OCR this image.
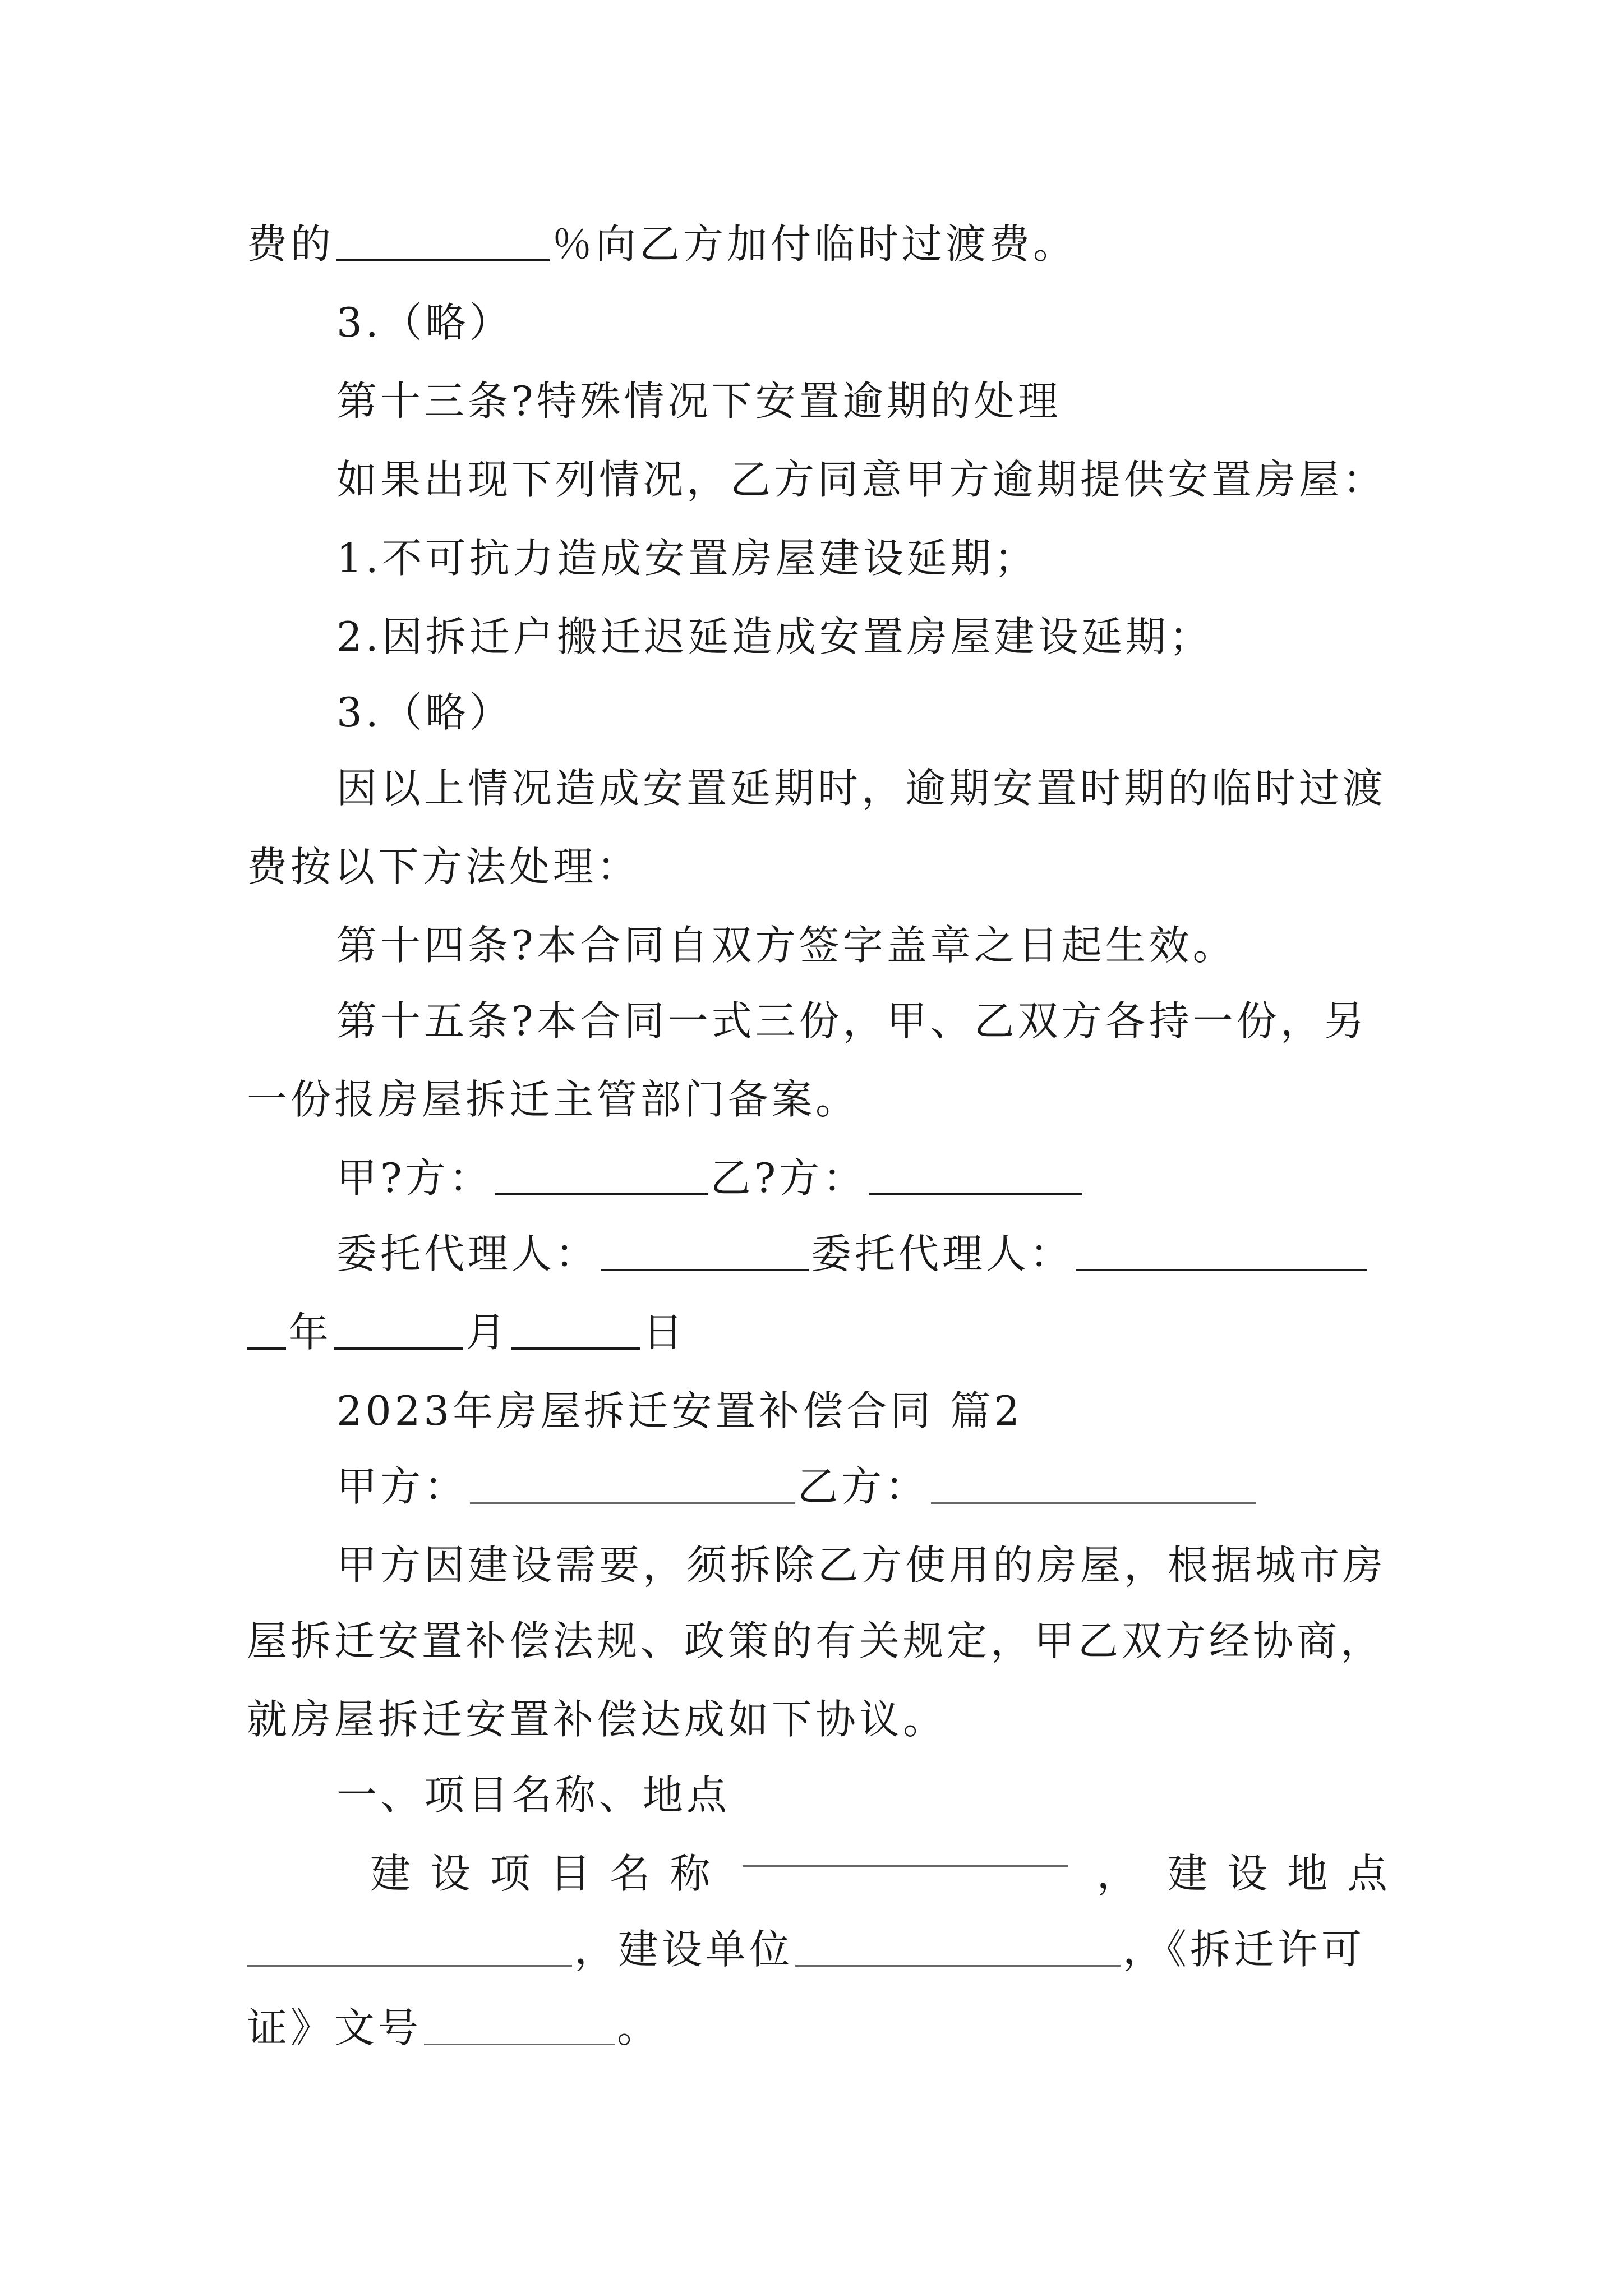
费的	％向乙方加付临时过渡费。
3.（略）
第十三条?特殊情况下安置逾期的处理
如果出现下列情况，乙方同意甲方逾期提供安置房屋：
1.不可抗力造成安置房屋建设延期；
2.因拆迁户搬迁迟延造成安置房屋建设延期；
3.（略）
因以上情况造成安置延期时，逾期安置时期的临时过渡
费按以下方法处理：
第十四条?本合同自双方签字盖章之日起生效。
第十五条?本合同一式三份，甲、乙双方各持一份，另
一份报房屋拆迁主管部门备案。
甲?方：	乙?方：
委托代理人：	委托代理人：
年	月	日
2023年房屋拆迁安置补偿合同 篇2
甲方：	乙方：
甲方因建设需要，须拆除乙方使用的房屋，根据城市房
屋拆迁安置补偿法规、政策的有关规定，甲乙双方经协商，
就房屋拆迁安置补偿达成如下协议。
一、项目名称、地点
建 设 项 目 名 称	， 建 设 地 点
，建设单位	，《拆迁许可
证》文号	。
